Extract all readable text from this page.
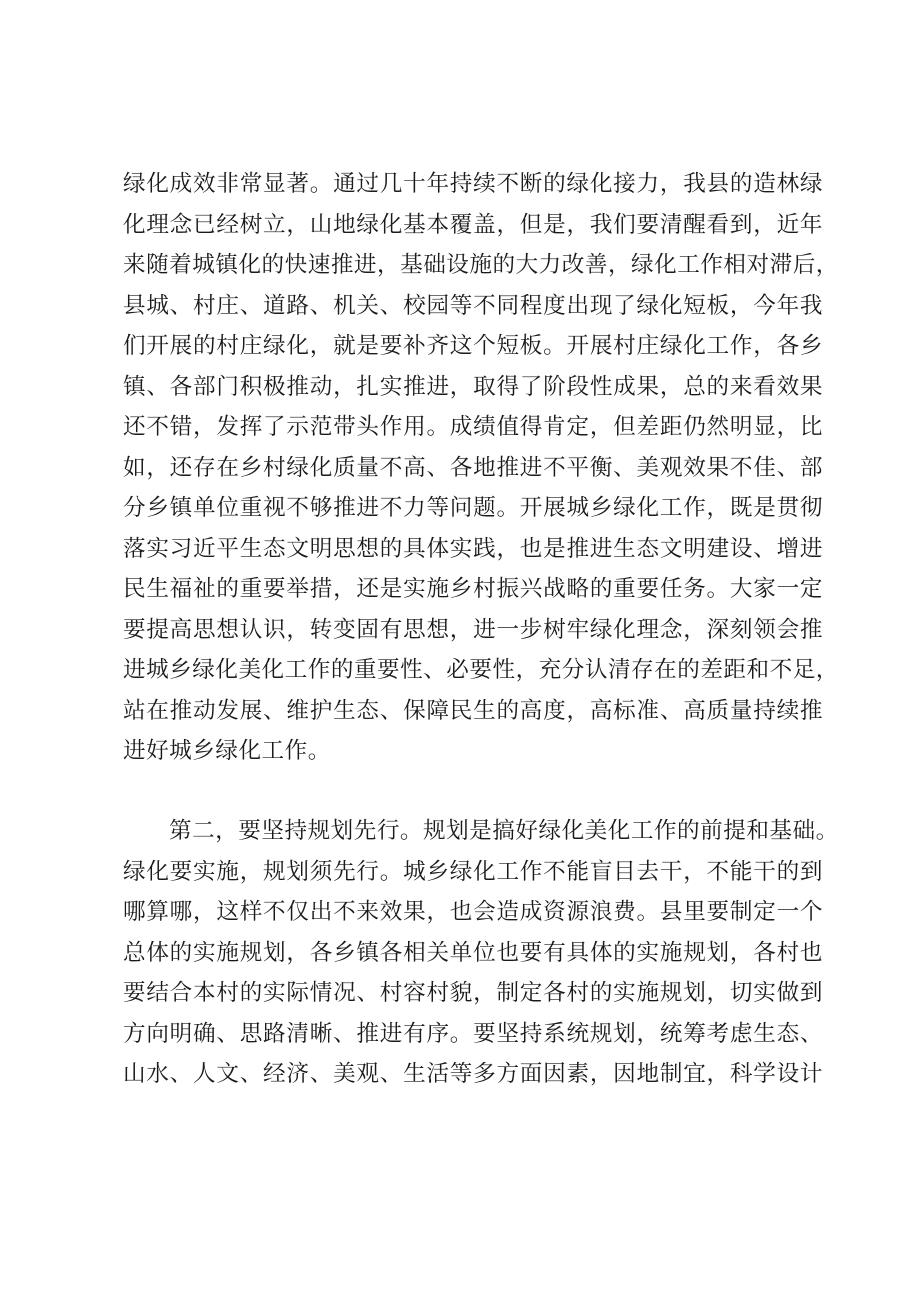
绿化成效非常显著。通过几十年持续不断的绿化接力，我县的造林绿
化理念已经树立，山地绿化基本覆盖，但是，我们要清醒看到，近年
来随着城镇化的快速推进，基础设施的大力改善，绿化工作相对滞后，
县城、村庄、道路、机关、校园等不同程度出现了绿化短板，今年我
们开展的村庄绿化，就是要补齐这个短板。开展村庄绿化工作，各乡
镇、各部门积极推动，扎实推进，取得了阶段性成果，总的来看效果
还不错，发挥了示范带头作用。成绩值得肯定，但差距仍然明显，比
如，还存在乡村绿化质量不高、各地推进不平衡、美观效果不佳、部
分乡镇单位重视不够推进不力等问题。开展城乡绿化工作，既是贯彻
落实习近平生态文明思想的具体实践，也是推进生态文明建设、增进
民生福祉的重要举措，还是实施乡村振兴战略的重要任务。大家一定
要提高思想认识，转变固有思想，进一步树牢绿化理念，深刻领会推
进城乡绿化美化工作的重要性、必要性，充分认清存在的差距和不足，
站在推动发展、维护生态、保障民生的高度，高标准、高质量持续推
进好城乡绿化工作。
第二，要坚持规划先行。规划是搞好绿化美化工作的前提和基础。
绿化要实施，规划须先行。城乡绿化工作不能盲目去干，不能干的到
哪算哪，这样不仅出不来效果，也会造成资源浪费。县里要制定一个
总体的实施规划，各乡镇各相关单位也要有具体的实施规划，各村也
要结合本村的实际情况、村容村貌，制定各村的实施规划，切实做到
方向明确、思路清晰、推进有序。要坚持系统规划，统筹考虑生态、
山水、人文、经济、美观、生活等多方面因素，因地制宜，科学设计
